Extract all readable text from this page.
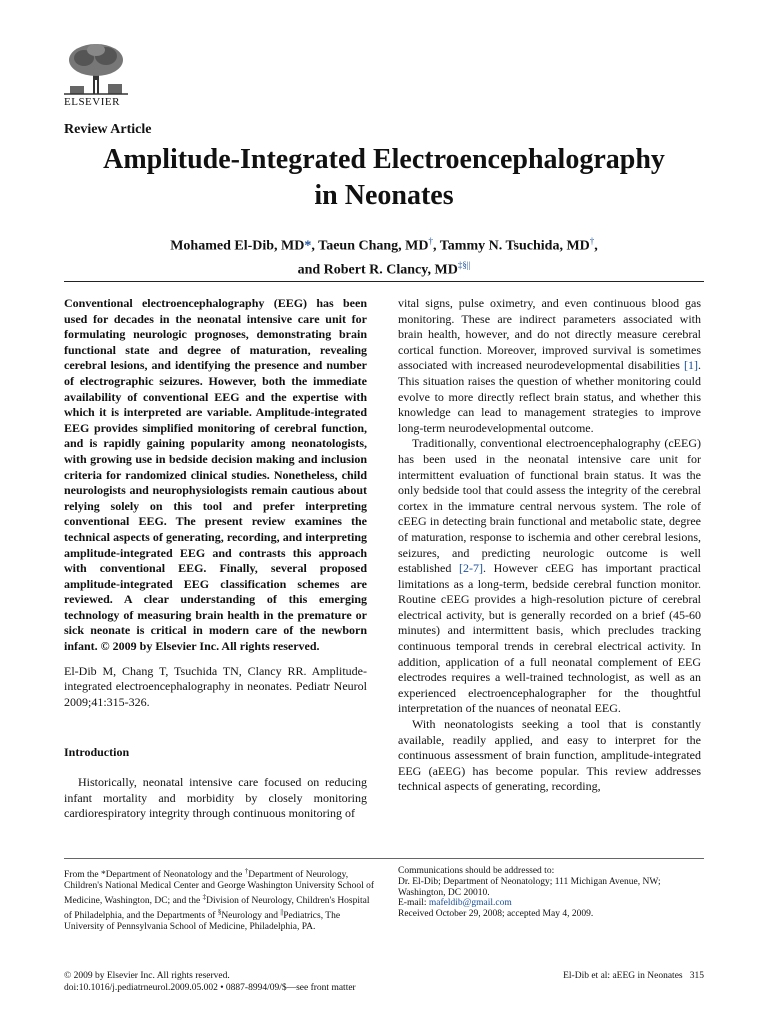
ELSEVIER
Review Article
Amplitude-Integrated Electroencephalography
in Neonates
Mohamed El-Dib, MD*, Taeun Chang, MD†, Tammy N. Tsuchida, MD†,
and Robert R. Clancy, MD‡§||

Conventional electroencephalography (EEG) has been used for decades in the neonatal intensive care unit for formulating neurologic prognoses, demonstrating brain functional state and degree of maturation, revealing cerebral lesions, and identifying the presence and number of electrographic seizures. However, both the immediate availability of conventional EEG and the expertise with which it is interpreted are variable. Amplitude-integrated EEG provides simplified monitoring of cerebral function, and is rapidly gaining popularity among neonatologists, with growing use in bedside decision making and inclusion criteria for randomized clinical studies. Nonetheless, child neurologists and neurophysiologists remain cautious about relying solely on this tool and prefer interpreting conventional EEG. The present review examines the technical aspects of generating, recording, and interpreting amplitude-integrated EEG and contrasts this approach with conventional EEG. Finally, several proposed amplitude-integrated EEG classification schemes are reviewed. A clear understanding of this emerging technology of measuring brain health in the premature or sick neonate is critical in modern care of the newborn infant. © 2009 by Elsevier Inc. All rights reserved.

El-Dib M, Chang T, Tsuchida TN, Clancy RR. Amplitude-integrated electroencephalography in neonates. Pediatr Neurol 2009;41:315-326.

Introduction

Historically, neonatal intensive care focused on reducing infant mortality and morbidity by closely monitoring cardiorespiratory integrity through continuous monitoring of

vital signs, pulse oximetry, and even continuous blood gas monitoring. These are indirect parameters associated with brain health, however, and do not directly measure cerebral cortical function. Moreover, improved survival is sometimes associated with increased neurodevelopmental disabilities [1]. This situation raises the question of whether monitoring could evolve to more directly reflect brain status, and whether this knowledge can lead to management strategies to improve long-term neurodevelopmental outcome.

Traditionally, conventional electroencephalography (cEEG) has been used in the neonatal intensive care unit for intermittent evaluation of functional brain status. It was the only bedside tool that could assess the integrity of the cerebral cortex in the immature central nervous system. The role of cEEG in detecting brain functional and metabolic state, degree of maturation, response to ischemia and other cerebral lesions, seizures, and predicting neurologic outcome is well established [2-7]. However cEEG has important practical limitations as a long-term, bedside cerebral function monitor. Routine cEEG provides a high-resolution picture of cerebral electrical activity, but is generally recorded on a brief (45-60 minutes) and intermittent basis, which precludes tracking continuous temporal trends in cerebral electrical activity. In addition, application of a full neonatal complement of EEG electrodes requires a well-trained technologist, as well as an experienced electroencephalographer for the thoughtful interpretation of the nuances of neonatal EEG.

With neonatologists seeking a tool that is constantly available, readily applied, and easy to interpret for the continuous assessment of brain function, amplitude-integrated EEG (aEEG) has become popular. This review addresses technical aspects of generating, recording,

From the *Department of Neonatology and the †Department of Neurology, Children's National Medical Center and George Washington University School of Medicine, Washington, DC; and the ‡Division of Neurology, Children's Hospital of Philadelphia, and the Departments of §Neurology and ||Pediatrics, The University of Pennsylvania School of Medicine, Philadelphia, PA.
Communications should be addressed to:
Dr. El-Dib; Department of Neonatology; 111 Michigan Avenue, NW;
Washington, DC 20010.
E-mail: mafeldib@gmail.com
Received October 29, 2008; accepted May 4, 2009.
© 2009 by Elsevier Inc. All rights reserved.
doi:10.1016/j.pediatrneurol.2009.05.002 • 0887-8994/09/$—see front matter
El-Dib et al: aEEG in Neonates 315
